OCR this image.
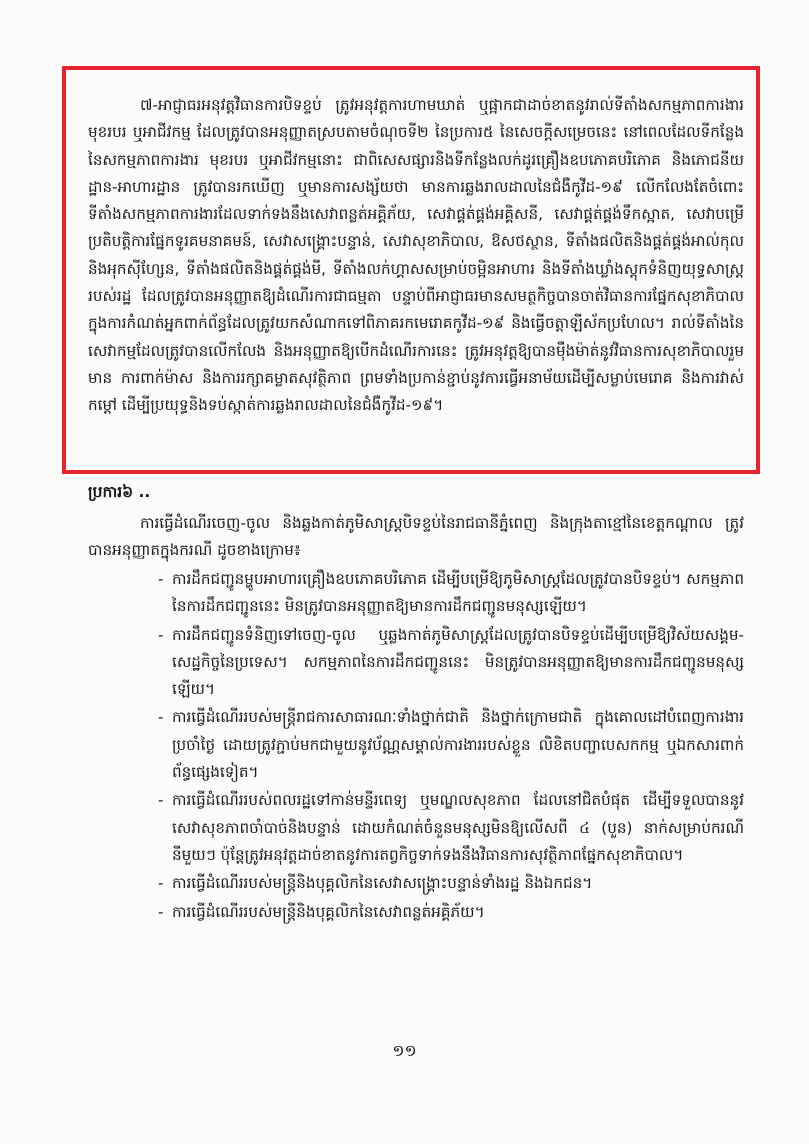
៧-អាជ្ញាធរអនុវត្តវិធានការបិទខ្ទប់ ត្រូវអនុវត្តការហាមឃាត់ ឬផ្អាកជាដាច់ខាតនូវរាល់ទីតាំងសកម្មភាពការងារ មុខរបរ ឬអាជីវកម្ម ដែលត្រូវបានអនុញ្ញាតស្របតាមចំណុចទី២ នៃប្រការ៥ នៃសេចក្ដីសម្រេចនេះ នៅពេលដែលទីកន្លែងនៃសកម្មភាពការងារ មុខរបរ ឬអាជីវកម្មនោះ ជាពិសេសផ្សារនិងទីកន្លែងលក់ដូរគ្រឿងឧបភោគបរិភោគ និងភោជនីយដ្ឋាន-អាហារដ្ឋាន ត្រូវបានរកឃើញ ឬមានការសង្ស័យថា មានការឆ្លងរាលដាលនៃជំងឺកូវីដ-១៩ លើកលែងតែចំពោះទីតាំងសកម្មភាពការងារដែលទាក់ទងនឹងសេវាពន្លត់អគ្គិភ័យ, សេវាផ្គត់ផ្គង់អគ្គិសនី, សេវាផ្គត់ផ្គង់ទឹកស្អាត, សេវាបម្រើប្រតិបត្តិការផ្នែកទូរគមនាគមន៍, សេវាសង្គ្រោះបន្ទាន់, សេវាសុខាភិបាល, ឱសថស្ថាន, ទីតាំងផលិតនិងផ្គត់ផ្គង់អាល់កុល និងអុកស៊ីហ្សែន, ទីតាំងផលិតនិងផ្គត់ផ្គង់មី, ទីតាំងលក់ហ្គាសសម្រាប់ចម្អិនអាហារ និងទីតាំងឃ្លាំងស្តុកទំនិញយុទ្ធសាស្ត្ររបស់រដ្ឋ ដែលត្រូវបានអនុញ្ញាតឱ្យដំណើរការជាធម្មតា បន្ទាប់ពីអាជ្ញាធរមានសមត្ថកិច្ចបានចាត់វិធានការផ្នែកសុខាភិបាលក្នុងការកំណត់អ្នកពាក់ព័ន្ធដែលត្រូវយកសំណាកទៅពិភាគរកមេរោគកូវីដ-១៩ និងធ្វើចត្តាឡីស័កប្រហែល។ រាល់ទីតាំងនៃសេវាកម្មដែលត្រូវបានលើកលែង និងអនុញ្ញាតឱ្យបើកដំណើរការនេះ ត្រូវអនុវត្តឱ្យបានម៉ឺងម៉ាត់នូវវិធានការសុខាភិបាលរួមមាន ការពាក់ម៉ាស និងការរក្សាគម្លាតសុវត្ថិភាព ព្រមទាំងប្រកាន់ខ្ជាប់នូវការធ្វើអនាម័យដើម្បីសម្លាប់មេរោគ និងការវាស់កម្ដៅ ដើម្បីប្រយុទ្ធនិងទប់ស្កាត់ការឆ្លងរាលដាលនៃជំងឺកូវីដ-១៩។

ប្រការ៦ ..

ការធ្វើដំណើរចេញ-ចូល និងឆ្លងកាត់ភូមិសាស្ត្របិទខ្ទប់នៃរាជធានីភ្នំពេញ និងក្រុងតាខ្មៅនៃខេត្តកណ្ដាល ត្រូវបានអនុញ្ញាតក្នុងករណី ដូចខាងក្រោម៖

- ការដឹកជញ្ជូនម្ហូបអាហារគ្រឿងឧបភោគបរិភោគ ដើម្បីបម្រើឱ្យភូមិសាស្ត្រដែលត្រូវបានបិទខ្ទប់។ សកម្មភាពនៃការដឹកជញ្ជូននេះ មិនត្រូវបានអនុញ្ញាតឱ្យមានការដឹកជញ្ជូនមនុស្សឡើយ។
- ការដឹកជញ្ជូនទំនិញទៅចេញ-ចូល ឬឆ្លងកាត់ភូមិសាស្ត្រដែលត្រូវបានបិទខ្ទប់ដើម្បីបម្រើឱ្យវិស័យសង្គម-សេដ្ឋកិច្ចនៃប្រទេស។ សកម្មភាពនៃការដឹកជញ្ជូននេះ មិនត្រូវបានអនុញ្ញាតឱ្យមានការដឹកជញ្ជូនមនុស្សឡើយ។
- ការធ្វើដំណើររបស់មន្ត្រីរាជការសាធារណៈទាំងថ្នាក់ជាតិ និងថ្នាក់ក្រោមជាតិ ក្នុងគោលដៅបំពេញការងារប្រចាំថ្ងៃ ដោយត្រូវភ្ជាប់មកជាមួយនូវប័ណ្ណសម្គាល់ការងាររបស់ខ្លួន លិខិតបញ្ជាបេសកកម្ម ឬឯកសារពាក់ព័ន្ធផ្សេងទៀត។
- ការធ្វើដំណើររបស់ពលរដ្ឋទៅកាន់មន្ទីរពេទ្យ ឬមណ្ឌលសុខភាព ដែលនៅជិតបំផុត ដើម្បីទទួលបាននូវសេវាសុខភាពចាំបាច់និងបន្ទាន់ ដោយកំណត់ចំនួនមនុស្សមិនឱ្យលើសពី ៤ (បួន) នាក់សម្រាប់ករណីនីមួយៗ ប៉ុន្តែត្រូវអនុវត្តដាច់ខាតនូវការតព្វកិច្ចទាក់ទងនឹងវិធានការសុវត្ថិភាពផ្នែកសុខាភិបាល។
- ការធ្វើដំណើររបស់មន្ត្រីនិងបុគ្គលិកនៃសេវាសង្គ្រោះបន្ទាន់ទាំងរដ្ឋ និងឯកជន។
- ការធ្វើដំណើររបស់មន្ត្រីនិងបុគ្គលិកនៃសេវាពន្លត់អគ្គិភ័យ។

១១
